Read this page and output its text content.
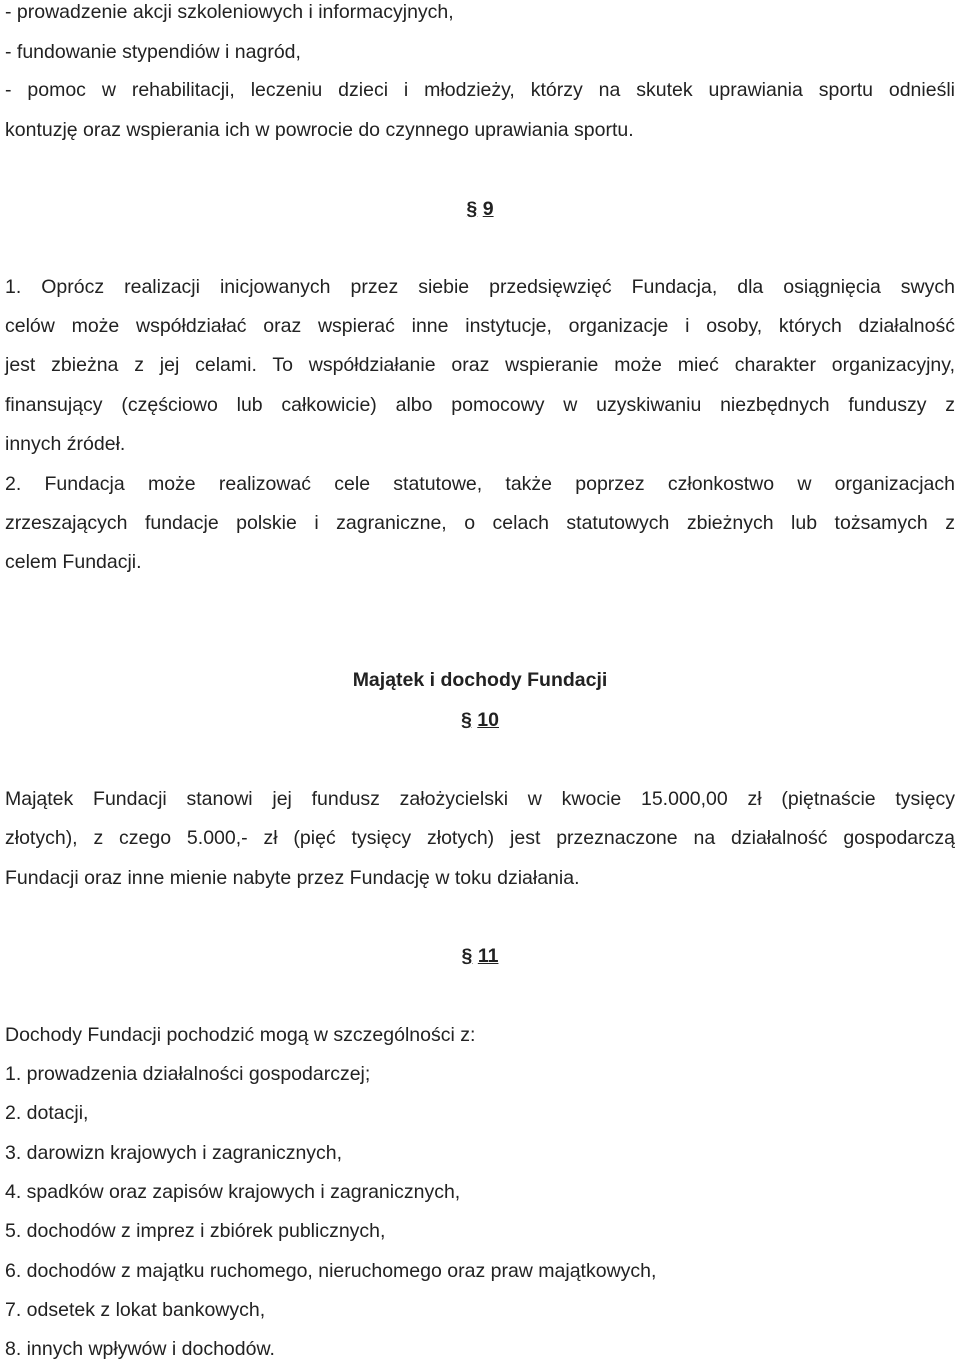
- prowadzenie akcji szkoleniowych i informacyjnych,
- fundowanie stypendiów i nagród,
- pomoc w rehabilitacji, leczeniu dzieci i młodzieży, którzy na skutek uprawiania sportu odnieśli
kontuzję oraz wspierania ich w powrocie do czynnego uprawiania sportu.
§ 9
1. Oprócz realizacji inicjowanych przez siebie przedsięwzięć Fundacja, dla osiągnięcia swych
celów może współdziałać oraz wspierać inne instytucje, organizacje i osoby, których działalność
jest zbieżna z jej celami. To współdziałanie oraz wspieranie może mieć charakter organizacyjny,
finansujący (częściowo lub całkowicie) albo pomocowy w uzyskiwaniu niezbędnych funduszy z
innych źródeł.
2. Fundacja może realizować cele statutowe, także poprzez członkostwo w organizacjach
zrzeszających fundacje polskie i zagraniczne, o celach statutowych zbieżnych lub tożsamych z
celem Fundacji.
Majątek i dochody Fundacji
§ 10
Majątek Fundacji stanowi jej fundusz założycielski w kwocie 15.000,00 zł (piętnaście tysięcy
złotych), z czego 5.000,- zł (pięć tysięcy złotych) jest przeznaczone na działalność gospodarczą
Fundacji oraz inne mienie nabyte przez Fundację w toku działania.
§ 11
Dochody Fundacji pochodzić mogą w szczególności z:
1. prowadzenia działalności gospodarczej;
2. dotacji,
3. darowizn krajowych i zagranicznych,
4. spadków oraz zapisów krajowych i zagranicznych,
5. dochodów z imprez i zbiórek publicznych,
6. dochodów z majątku ruchomego, nieruchomego oraz praw majątkowych,
7. odsetek z lokat bankowych,
8. innych wpływów i dochodów.
